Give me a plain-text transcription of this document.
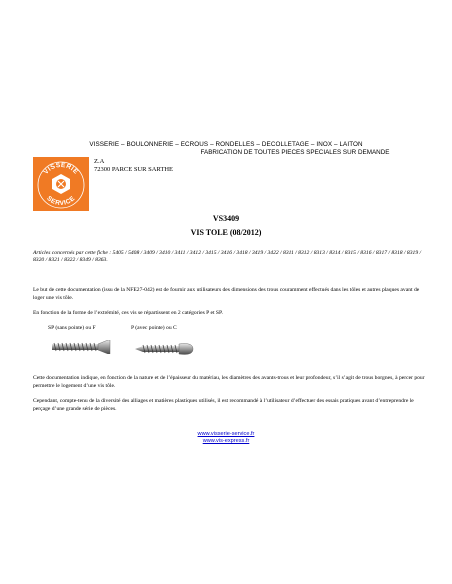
VISSERIE – BOULONNERIE – ECROUS – RONDELLES – DECOLLETAGE – INOX – LAITON
FABRICATION DE TOUTES PIECES SPECIALES SUR DEMANDE
VISSERIE
SERVICE
Z.A
72300 PARCE SUR SARTHE
VS3409
VIS TOLE (08/2012)
Articles concernés par cette fiche : 5405 / 5408 / 3409 / 3410 / 3411 / 3412 / 3415 / 3416 / 3418 / 3419 / 3422 / 8311 / 8312 / 8313 / 8314 / 8315 / 8316 / 8317 / 8318 / 8319 / 8320 / 8321 / 8322 / 8349 / 8363.
Le but de cette documentation (issu de la NFE27-042) est de fournir aux utilisateurs des dimensions des trous couramment effectués dans les tôles et autres plaques avant de loger une vis tôle.
En fonction de la forme de l’extrémité, ces vis se répartissent en 2 catégories P et SP.
SP (sans pointe) ou F	P (avec pointe) ou C
Cette documentation indique, en fonction de la nature et de l’épaisseur du matériau, les diamètres des avants-trous et leur profondeur, s’il s’agit de trous borgnes, à percer pour permettre le logement d’une vis tôle.
Cependant, compte-tenu de la diversité des alliages et matières plastiques utilisés, il est recommandé à l’utilisateur d’effectuer des essais pratiques avant d’entreprendre le perçage d’une grande série de pièces.
www.visserie-service.fr
www.vis-express.fr
